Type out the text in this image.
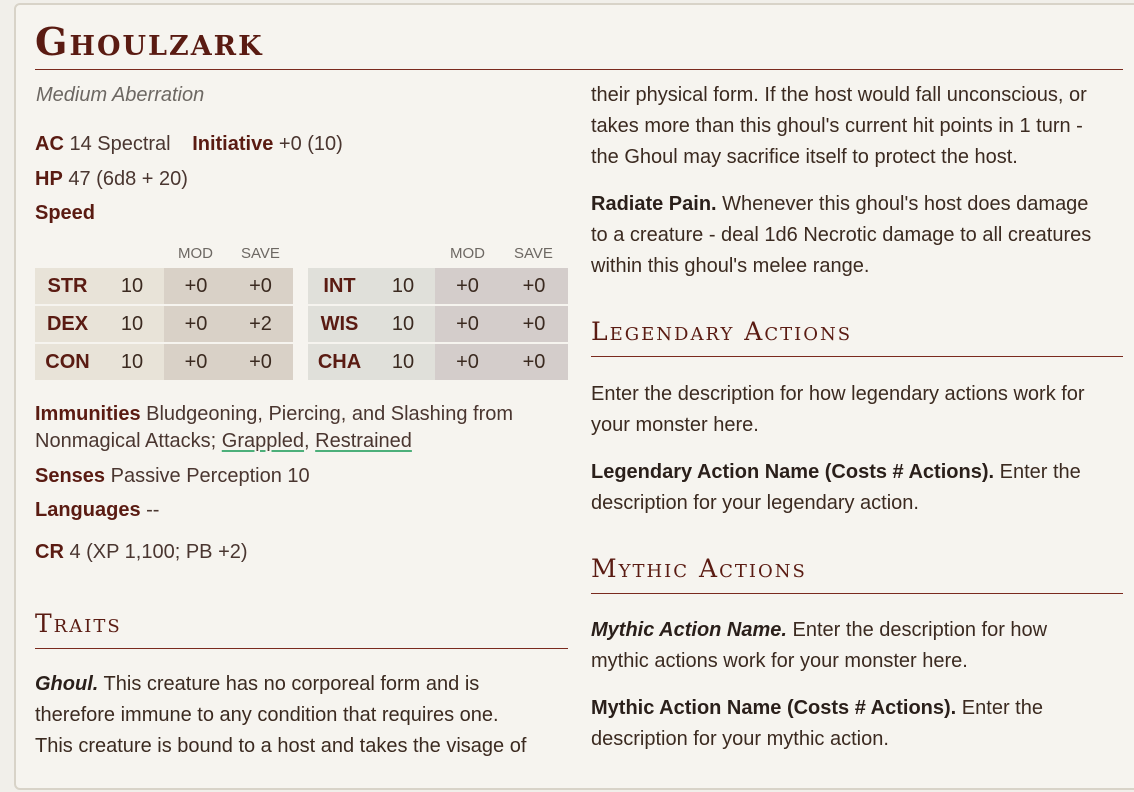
Ghoulzark
Medium Aberration
AC 14 Spectral Initiative +0 (10)
HP 47 (6d8 + 20)
Speed
MOD SAVE
STR	10	+0	+0
DEX	10	+0	+2
CON	10	+0	+0
MOD SAVE
INT	10	+0	+0
WIS	10	+0	+0
CHA	10	+0	+0
Immunities Bludgeoning, Piercing, and Slashing from
Nonmagical Attacks; Grappled, Restrained
Senses Passive Perception 10
Languages --
CR 4 (XP 1,100; PB +2)
Traits
Ghoul. This creature has no corporeal form and is
therefore immune to any condition that requires one.
This creature is bound to a host and takes the visage of
their physical form. If the host would fall unconscious, or
takes more than this ghoul's current hit points in 1 turn -
the Ghoul may sacrifice itself to protect the host.
Radiate Pain. Whenever this ghoul's host does damage
to a creature - deal 1d6 Necrotic damage to all creatures
within this ghoul's melee range.
Legendary Actions
Enter the description for how legendary actions work for
your monster here.
Legendary Action Name (Costs # Actions). Enter the
description for your legendary action.
Mythic Actions
Mythic Action Name. Enter the description for how
mythic actions work for your monster here.
Mythic Action Name (Costs # Actions). Enter the
description for your mythic action.
